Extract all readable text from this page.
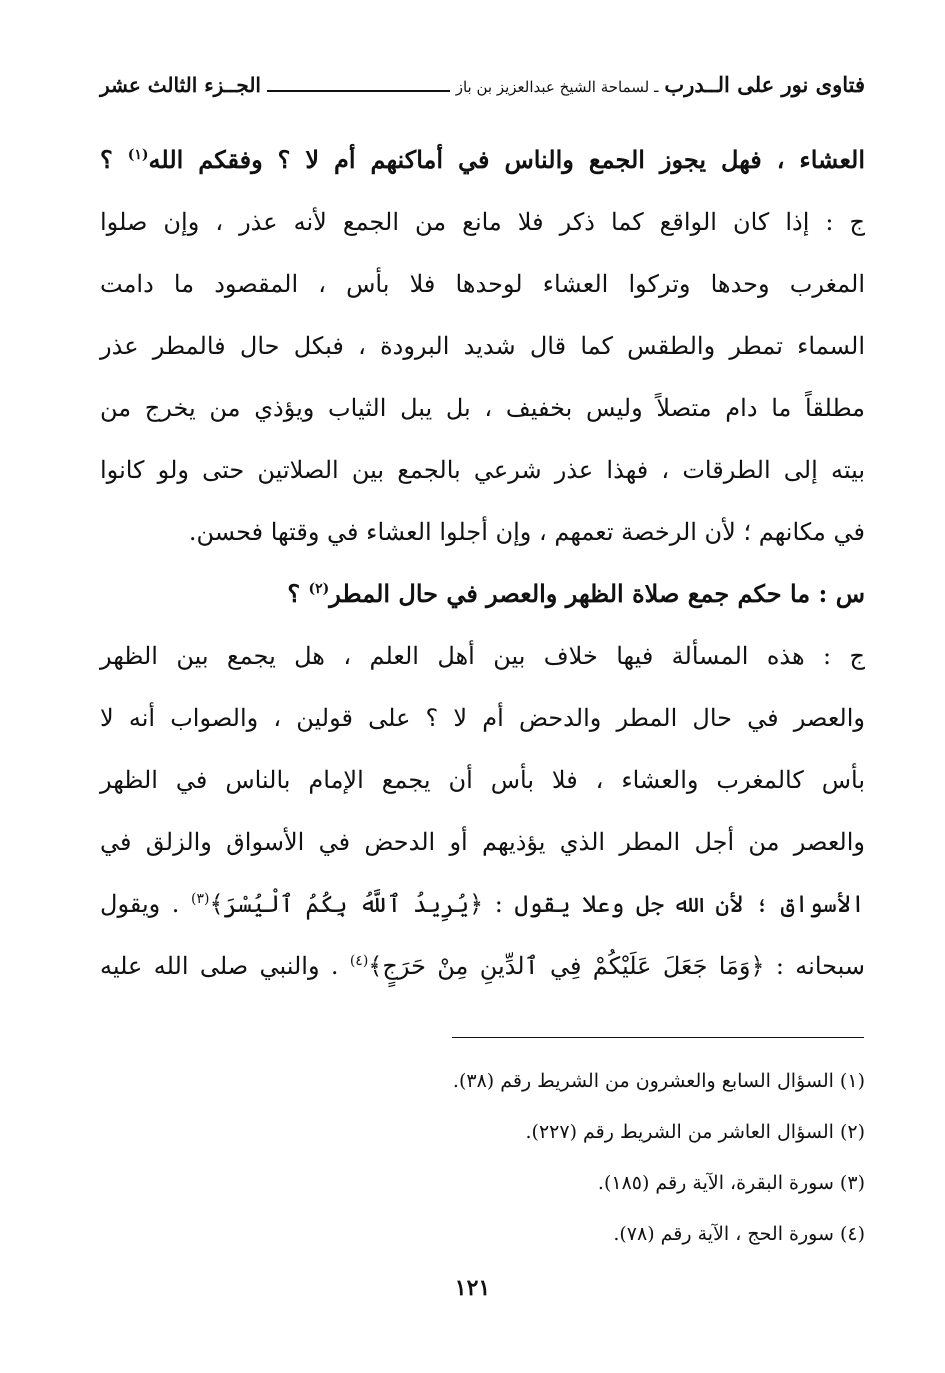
فتاوى نور على الــدرب
ـ لسماحة الشيخ عبدالعزيز بن باز
الجــزء الثالث عشر
العشاء ، فهل يجوز الجمع والناس في أماكنهم أم لا ؟ وفقكم الله$^{(١)}$ ؟
ج : إذا كان الواقع كما ذكر فلا مانع من الجمع لأنه عذر ، وإن صلوا
المغرب وحدها وتركوا العشاء لوحدها فلا بأس ، المقصود ما دامت
السماء تمطر والطقس كما قال شديد البرودة ، فبكل حال فالمطر عذر
مطلقاً ما دام متصلاً وليس بخفيف ، بل يبل الثياب ويؤذي من يخرج من
بيته إلى الطرقات ، فهذا عذر شرعي بالجمع بين الصلاتين حتى ولو كانوا
في مكانهم ؛ لأن الرخصة تعمهم ، وإن أجلوا العشاء في وقتها فحسن.
س : ما حكم جمع صلاة الظهر والعصر في حال المطر$^{(٢)}$ ؟
ج : هذه المسألة فيها خلاف بين أهل العلم ، هل يجمع بين الظهر
والعصر في حال المطر والدحض أم لا ؟ على قولين ، والصواب أنه لا
بأس كالمغرب والعشاء ، فلا بأس أن يجمع الإمام بالناس في الظهر
والعصر من أجل المطر الذي يؤذيهم أو الدحض في الأسواق والزلق في
الأسواق ؛ لأن الله جل وعلا يقول : ﴿يُرِيدُ ٱللَّهُ بِكُمُ ٱلْيُسْرَ﴾$^{(٣)}$ . ويقول
سبحانه : ﴿وَمَا جَعَلَ عَلَيْكُمْ فِي ٱلدِّينِ مِنْ حَرَجٍ﴾$^{(٤)}$ . والنبي صلى الله عليه
(١) السؤال السابع والعشرون من الشريط رقم (٣٨).
(٢) السؤال العاشر من الشريط رقم (٢٢٧).
(٣) سورة البقرة، الآية رقم (١٨٥).
(٤) سورة الحج ، الآية رقم (٧٨).
١٢١
